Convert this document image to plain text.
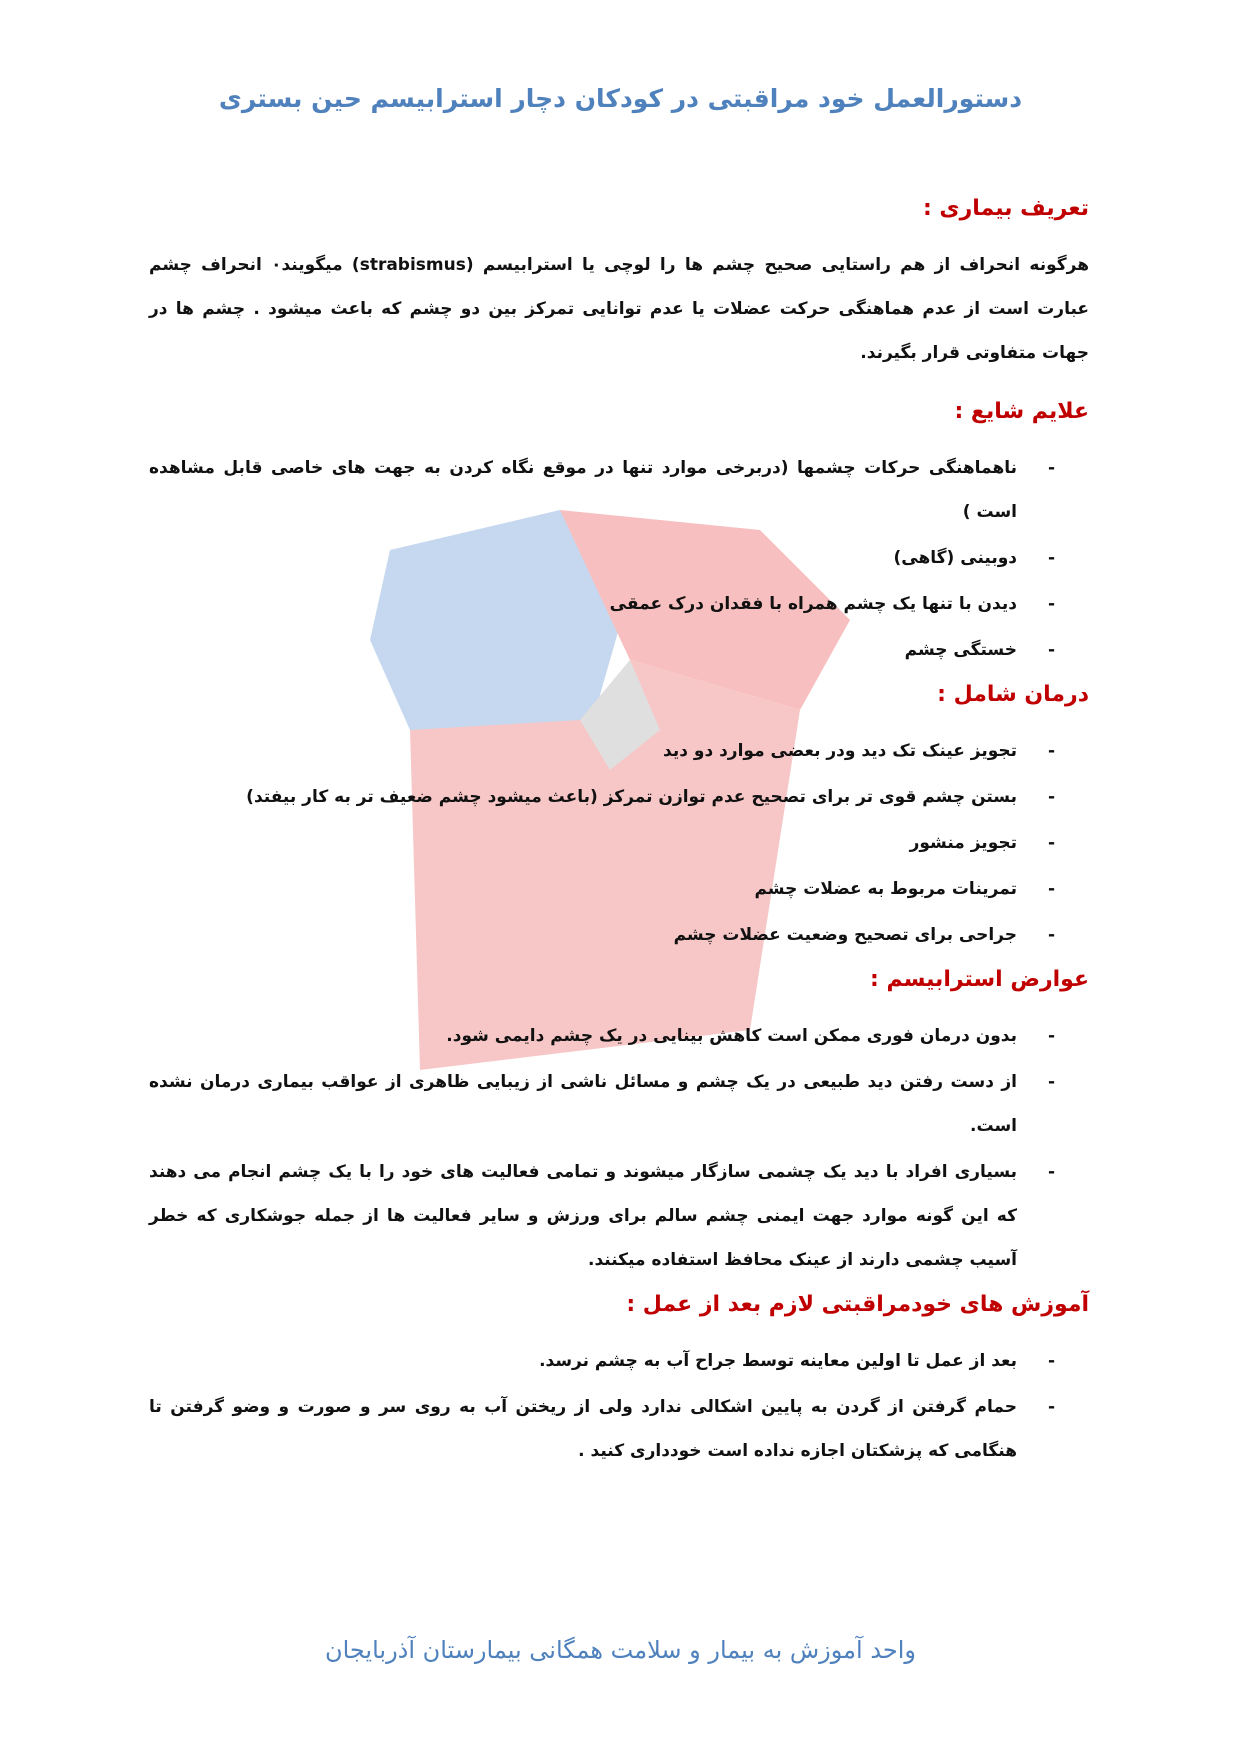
دستورالعمل خود مراقبتی در کودکان دچار استرابیسم حین بستری
تعریف بیماری :

هرگونه انحراف از هم راستایی صحیح چشم ها را لوچی یا استرابیسم (strabismus) میگویند۰ انحراف چشم عبارت است از عدم هماهنگی حرکت عضلات یا عدم توانایی تمرکز بین دو چشم که باعث میشود . چشم ها در جهات متفاوتی قرار بگیرند.

علایم شایع :
- ناهماهنگی حرکات چشمها (دربرخی موارد تنها در موقع نگاه کردن به جهت های خاصی قابل مشاهده است )
- دوبینی (گاهی)
- دیدن با تنها یک چشم همراه با فقدان درک عمقی
- خستگی چشم
درمان شامل :
- تجویز عینک تک دید ودر بعضی موارد دو دید
- بستن چشم قوی تر برای تصحیح عدم توازن تمرکز (باعث میشود چشم ضعیف تر به کار بیفتد)
- تجویز منشور
- تمرینات مربوط به عضلات چشم
- جراحی برای تصحیح وضعیت عضلات چشم
عوارض استرابیسم :
- بدون درمان فوری ممکن است کاهش بینایی در یک چشم دایمی شود.
- از دست رفتن دید طبیعی در یک چشم و مسائل ناشی از زیبایی ظاهری از عواقب بیماری درمان نشده است.
- بسیاری افراد با دید یک چشمی سازگار میشوند و تمامی فعالیت های خود را با یک چشم انجام می دهند که این گونه موارد جهت ایمنی چشم سالم برای ورزش و سایر فعالیت ها از جمله جوشکاری که خطر آسیب چشمی دارند از عینک محافظ استفاده میکنند.
آموزش های خودمراقبتی لازم بعد از عمل :
- بعد از عمل تا اولین معاینه توسط جراح آب به چشم نرسد.
- حمام گرفتن از گردن به پایین اشکالی ندارد ولی از ریختن آب به روی سر و صورت و وضو گرفتن تا هنگامی که پزشکتان اجازه نداده است خودداری کنید .
واحد آموزش به بیمار و سلامت همگانی بیمارستان آذربایجان
